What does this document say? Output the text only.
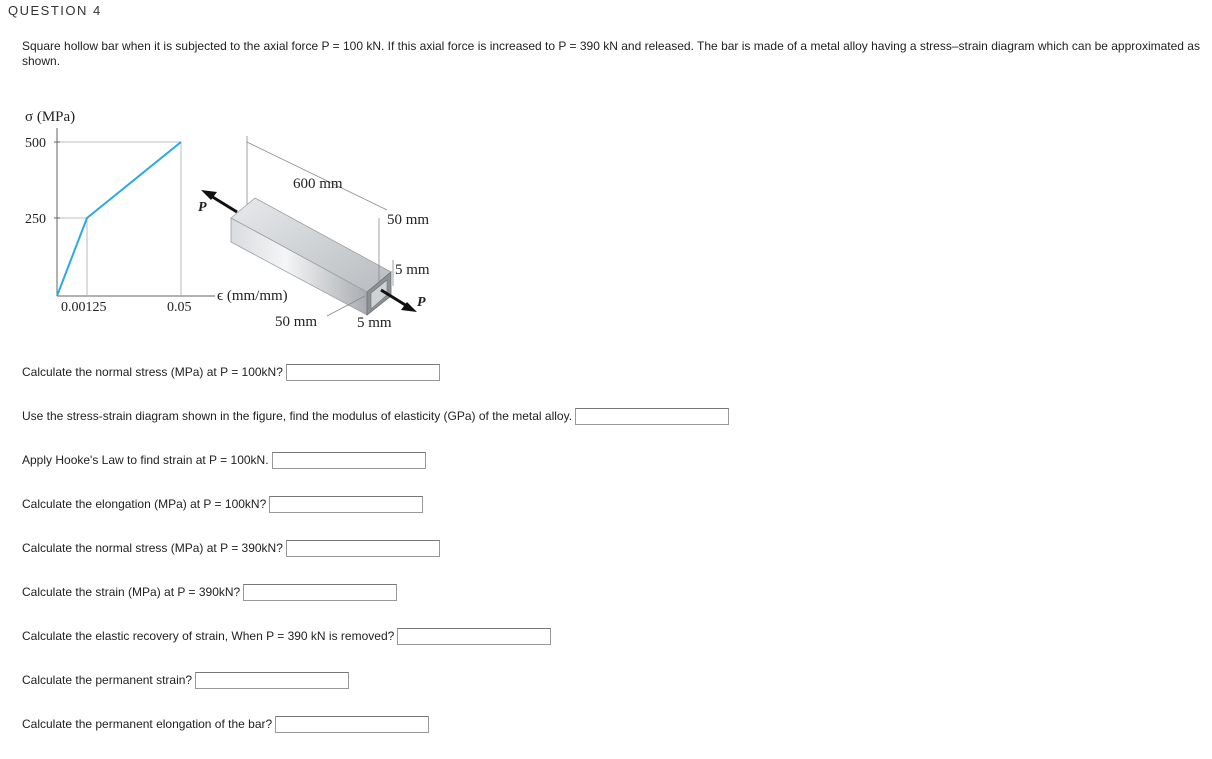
QUESTION 4
Square hollow bar when it is subjected to the axial force P = 100 kN. If this axial force is increased to P = 390 kN and released. The bar is made of a metal alloy having a stress–strain diagram which can be approximated as shown.
σ (MPa)
500
250
0.00125	0.05
ϵ (mm/mm)
600 mm
P
P
50 mm
5 mm
50 mm	5 mm
Calculate the normal stress (MPa) at P = 100kN?
Use the stress-strain diagram shown in the figure, find the modulus of elasticity (GPa) of the metal alloy.
Apply Hooke's Law to find strain at P = 100kN.
Calculate the elongation (MPa) at P = 100kN?
Calculate the normal stress (MPa) at P = 390kN?
Calculate the strain (MPa) at P = 390kN?
Calculate the elastic recovery of strain, When P = 390 kN is removed?
Calculate the permanent strain?
Calculate the permanent elongation of the bar?
